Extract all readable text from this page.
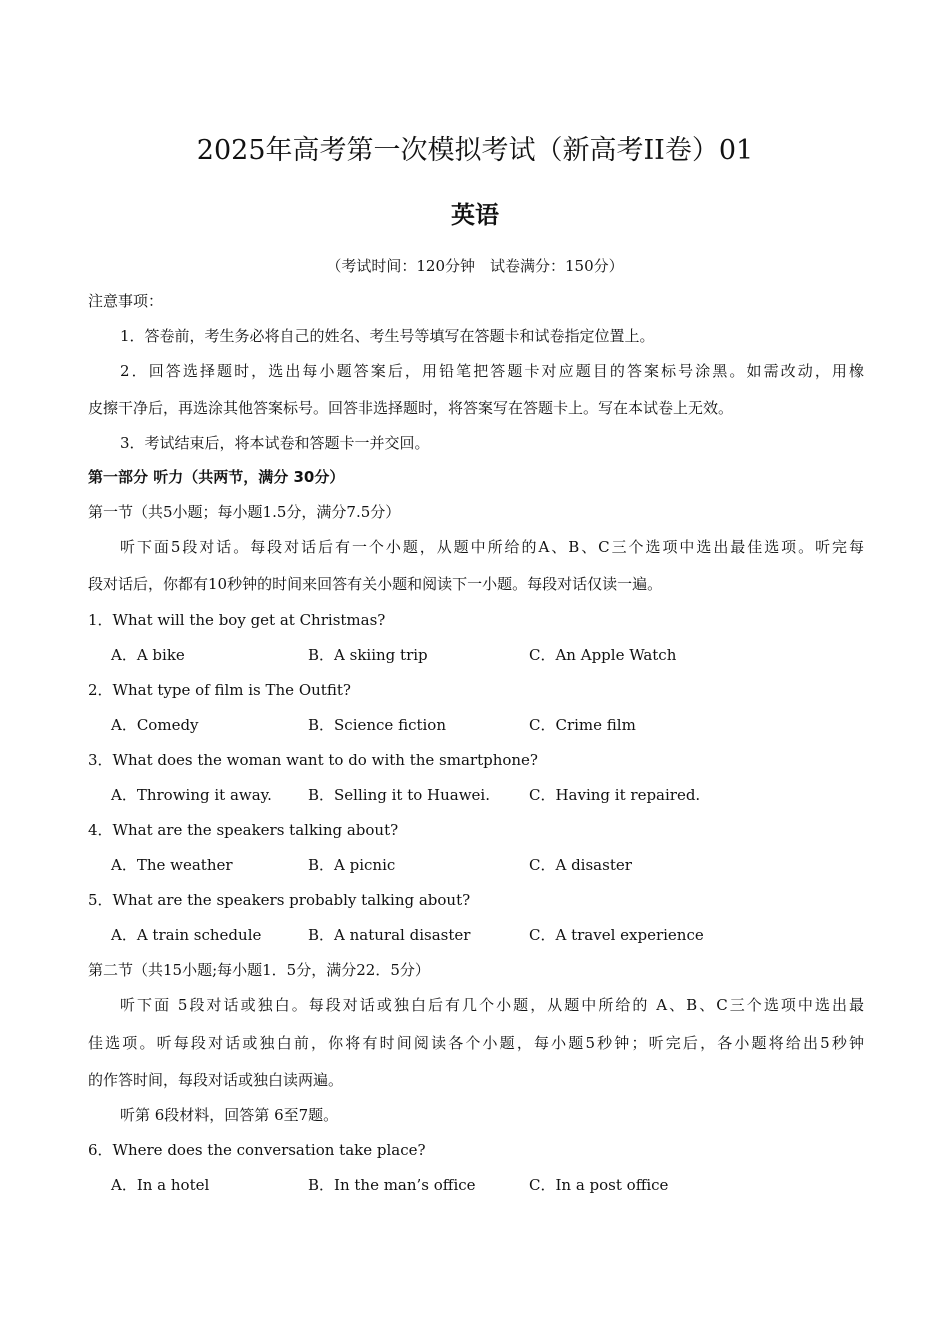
2025年高考第一次模拟考试（新高考II卷）01
英语
（考试时间：120分钟　试卷满分：150分）
注意事项：
1．答卷前，考生务必将自己的姓名、考生号等填写在答题卡和试卷指定位置上。
2．回答选择题时，选出每小题答案后，用铅笔把答题卡对应题目的答案标号涂黑。如需改动，用橡
皮擦干净后，再选涂其他答案标号。回答非选择题时，将答案写在答题卡上。写在本试卷上无效。
3．考试结束后，将本试卷和答题卡一并交回。
第一部分 听力（共两节，满分 30分）
第一节（共5小题；每小题1.5分，满分7.5分）
听下面5段对话。每段对话后有一个小题，从题中所给的A、B、C三个选项中选出最佳选项。听完每
段对话后，你都有10秒钟的时间来回答有关小题和阅读下一小题。每段对话仅读一遍。
1．What will the boy get at Christmas?
A．A bike	B．A skiing trip	C．An Apple Watch
2．What type of film is The Outfit?
A．Comedy	B．Science fiction	C．Crime film
3．What does the woman want to do with the smartphone?
A．Throwing it away. B．Selling it to Huawei.	C．Having it repaired.
4．What are the speakers talking about?
A．The weather	B．A picnic	C．A disaster
5．What are the speakers probably talking about?
A．A train schedule	B．A natural disaster	C．A travel experience
第二节（共15小题;每小题1．5分，满分22．5分）
听下面 5段对话或独白。每段对话或独白后有几个小题，从题中所给的 A、B、C三个选项中选出最
佳选项。听每段对话或独白前，你将有时间阅读各个小题，每小题5秒钟；听完后，各小题将给出5秒钟
的作答时间，每段对话或独白读两遍。
听第 6段材料，回答第 6至7题。
6．Where does the conversation take place?
A．In a hotel	B．In the man’s office	C．In a post office
